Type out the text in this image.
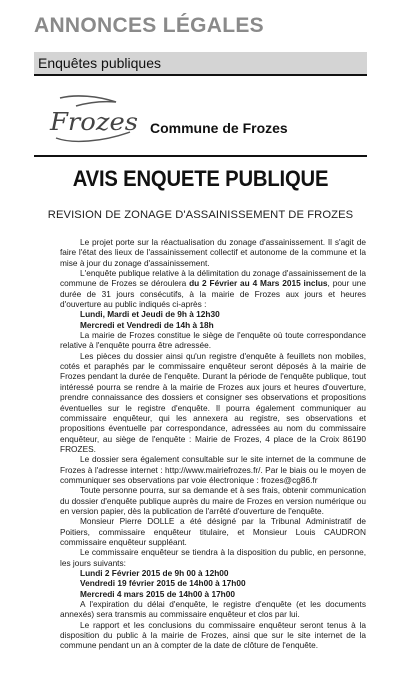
ANNONCES LÉGALES
Enquêtes publiques
Frozes Commune de Frozes
AVIS ENQUETE PUBLIQUE
REVISION DE ZONAGE D'ASSAINISSEMENT DE FROZES

Le projet porte sur la réactualisation du zonage d'assainissement. Il s'agit de faire l'état des lieux de l'assainissement collectif et autonome de la commune et la mise à jour du zonage d'assainissement.

L'enquête publique relative à la délimitation du zonage d'assainissement de la commune de Frozes se déroulera du 2 Février au 4 Mars 2015 inclus, pour une durée de 31 jours consécutifs, à la mairie de Frozes aux jours et heures d'ouverture au public indiqués ci-après :

Lundi, Mardi et Jeudi de 9h à 12h30

Mercredi et Vendredi de 14h à 18h

La mairie de Frozes constitue le siège de l'enquête où toute correspondance relative à l'enquête pourra être adressée.

Les pièces du dossier ainsi qu'un registre d'enquête à feuillets non mobiles, cotés et paraphés par le commissaire enquêteur seront déposés à la mairie de Frozes pendant la durée de l'enquête. Durant la période de l'enquête publique, tout intéressé pourra se rendre à la mairie de Frozes aux jours et heures d'ouverture, prendre connaissance des dossiers et consigner ses observations et propositions éventuelles sur le registre d'enquête. Il pourra également communiquer au commissaire enquêteur, qui les annexera au registre, ses observations et propositions éventuelle par correspondance, adressées au nom du commissaire enquêteur, au siège de l'enquête : Mairie de Frozes, 4 place de la Croix 86190 FROZES.

Le dossier sera également consultable sur le site internet de la commune de Frozes à l'adresse internet : http://www.mairiefrozes.fr/. Par le biais ou le moyen de communiquer ses observations par voie électronique : frozes@cg86.fr

Toute personne pourra, sur sa demande et à ses frais, obtenir communication du dossier d'enquête publique auprès du maire de Frozes en version numérique ou en version papier, dès la publication de l'arrêté d'ouverture de l'enquête.

Monsieur Pierre DOLLE a été désigné par la Tribunal Administratif de Poitiers, commissaire enquêteur titulaire, et Monsieur Louis CAUDRON commissaire enquêteur suppléant.

Le commissaire enquêteur se tiendra à la disposition du public, en personne, les jours suivants:

Lundi 2 Février 2015 de 9h 00 à 12h00

Vendredi 19 février 2015 de 14h00 à 17h00

Mercredi 4 mars 2015 de 14h00 à 17h00

A l'expiration du délai d'enquête, le registre d'enquête (et les documents annexés) sera transmis au commissaire enquêteur et clos par lui.

Le rapport et les conclusions du commissaire enquêteur seront tenus à la disposition du public à la mairie de Frozes, ainsi que sur le site internet de la commune pendant un an à compter de la date de clôture de l'enquête.
